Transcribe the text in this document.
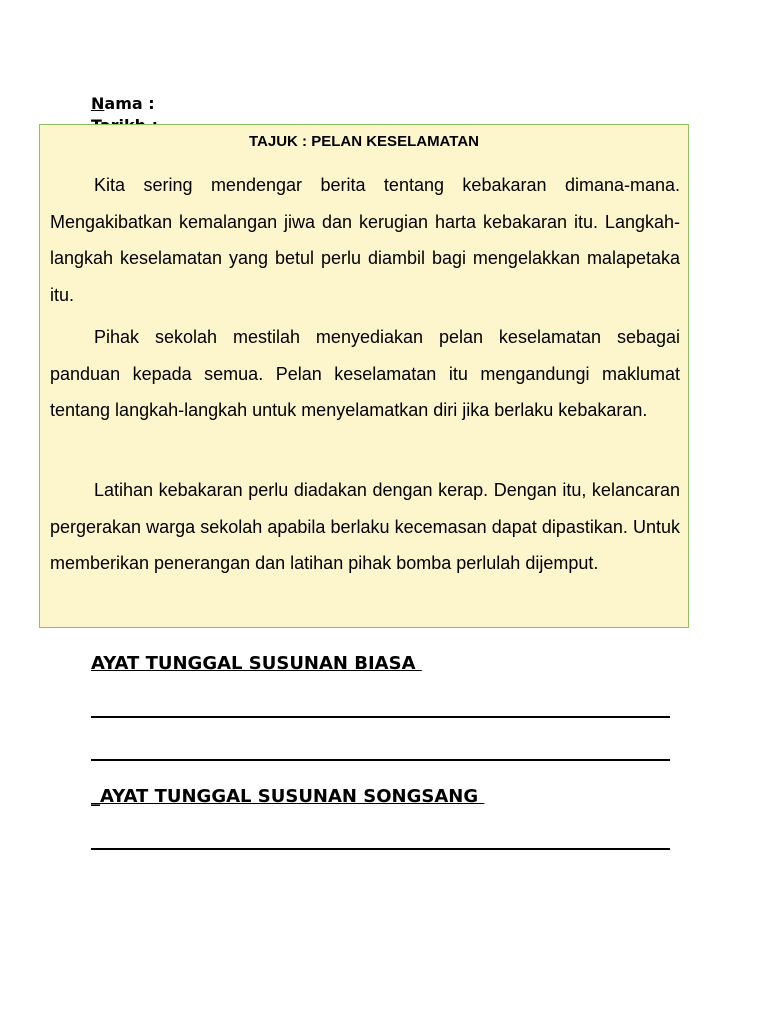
Nama :
TAJUK : PELAN KESELAMATAN

Kita sering mendengar berita tentang kebakaran dimana-mana. Mengakibatkan kemalangan jiwa dan kerugian harta kebakaran itu. Langkah-langkah keselamatan yang betul perlu diambil bagi mengelakkan malapetaka itu.

Pihak sekolah mestilah menyediakan pelan keselamatan sebagai panduan kepada semua. Pelan keselamatan itu mengandungi maklumat tentang langkah-langkah untuk menyelamatkan diri jika berlaku kebakaran.

Latihan kebakaran perlu diadakan dengan kerap. Dengan itu, kelancaran pergerakan warga sekolah apabila berlaku kecemasan dapat dipastikan. Untuk memberikan penerangan dan latihan pihak bomba perlulah dijemput.

AYAT TUNGGAL SUSUNAN BIASA
_AYAT TUNGGAL SUSUNAN SONGSANG
